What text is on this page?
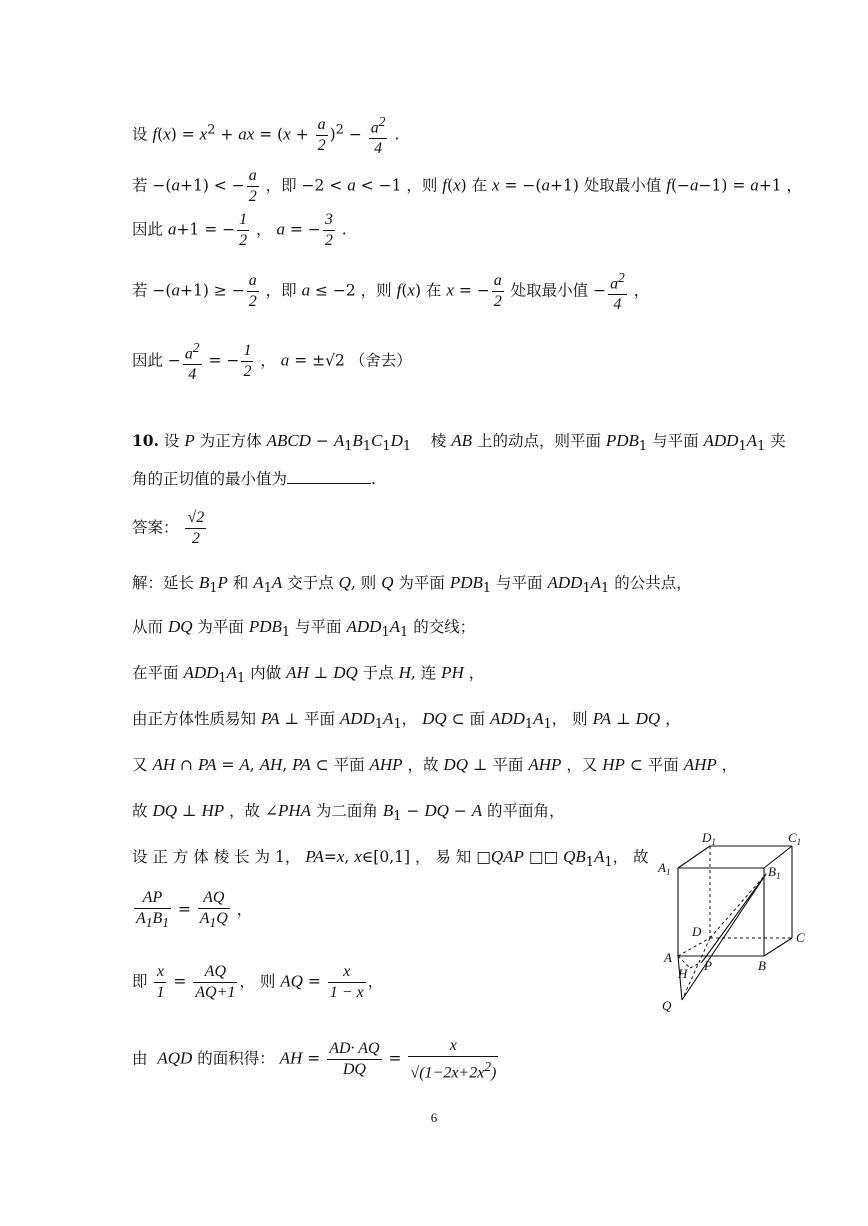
设 $f(x) = x^2$ + ax = $(x + \frac{a}{2} )^2 - \frac{a^2}{4}$ .
若 −(a+1) < − $\frac{a}{2}$ ，即 −2 < a < −1 ，则 f(x) 在 x = −(a+1) 处取最小值 f(−a−1) = a+1 ，
因此 a+1 = − $\frac{1}{2}$ ， a = − $\frac{3}{2}$ .
若 −(a+1) ≥ − $\frac{a}{2}$ ，即 a ≤ −2 ，则 f(x) 在 x = − $\frac{a}{2}$ 处取最小值 − $\frac{a^2}{4}$ ，
因此 − $\frac{a^2}{4}$ = − $\frac{1}{2}$ ， a = ±√2 （舍去）
10. 设 P 为正方体 ABCD − $A_1B_1C_1D_1$    棱 AB 上的动点，则平面 $PDB_1$ 与平面 $ADD_1A_1$ 夹
角的正切值的最小值为	.
答案： $\frac{√2}{2}$
解：延长 $B_1P$ 和 $A_1A$ 交于点 Q, 则 Q 为平面 $PDB_1$ 与平面 $ADD_1A_1$ 的公共点，
从而 DQ 为平面 $PDB_1$ 与平面 $ADD_1A_1$ 的交线；
在平面 $ADD_1A_1$ 内做 AH ⊥ DQ 于点 H, 连 PH ，
由正方体性质易知 PA ⊥ 平面 $ADD_1A_1$， DQ ⊂ 面 $ADD_1A_1$， 则 PA ⊥ DQ ，
又 AH ∩ PA = A, AH, PA ⊂ 平面 AHP ，故 DQ ⊥ 平面 AHP ，又 HP ⊂ 平面 AHP ，
故 DQ ⊥ HP ，故 ∠PHA 为二面角 $B_1$ − DQ − A 的平面角，
设 正 方 体 棱 长 为 1， PA=x, x∈[0,1] ， 易 知 □QAP □□ $QB_1A_1$， 故
$\frac{AP}{A_1B_1} = \frac{AQ}{A_1Q}$ ，
即 $\frac{x}{1} = \frac{AQ}{AQ+1}$ ， 则 AQ = $\frac{x}{1 - x}$ ，
由  AQD 的面积得： AH = $\frac{AD\cdot AQ}{DQ} = \frac{x}{√(1-2x+2x^2)}$
$D_1$	$C_1$
$A_1$	$B_1$
D	C
A
H
P	B
Q
6
